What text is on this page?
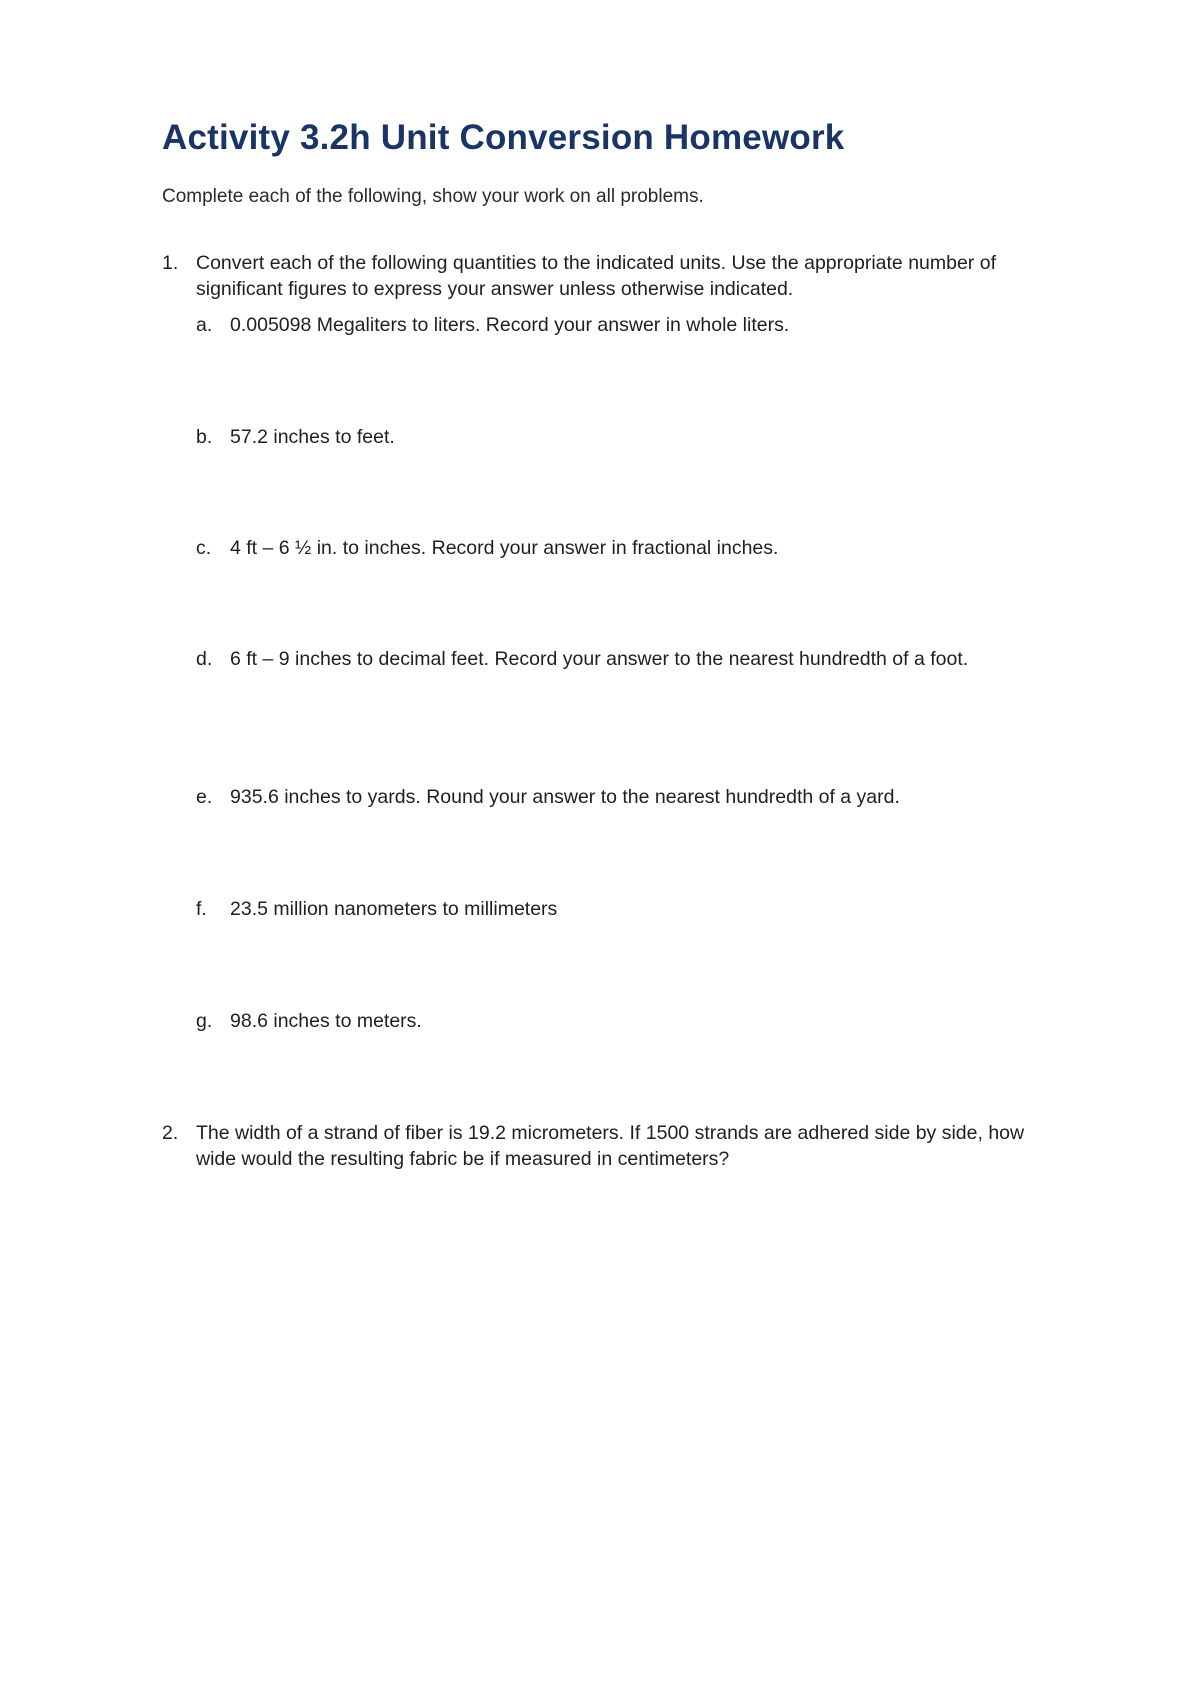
Activity 3.2h Unit Conversion Homework

Complete each of the following, show your work on all problems.

1. Convert each of the following quantities to the indicated units. Use the appropriate number of significant figures to express your answer unless otherwise indicated.

a. 0.005098 Megaliters to liters. Record your answer in whole liters.

b. 57.2 inches to feet.

c. 4 ft – 6 ½ in. to inches. Record your answer in fractional inches.

d. 6 ft – 9 inches to decimal feet. Record your answer to the nearest hundredth of a foot.

e. 935.6 inches to yards. Round your answer to the nearest hundredth of a yard.

f. 23.5 million nanometers to millimeters

g. 98.6 inches to meters.

2. The width of a strand of fiber is 19.2 micrometers. If 1500 strands are adhered side by side, how wide would the resulting fabric be if measured in centimeters?
